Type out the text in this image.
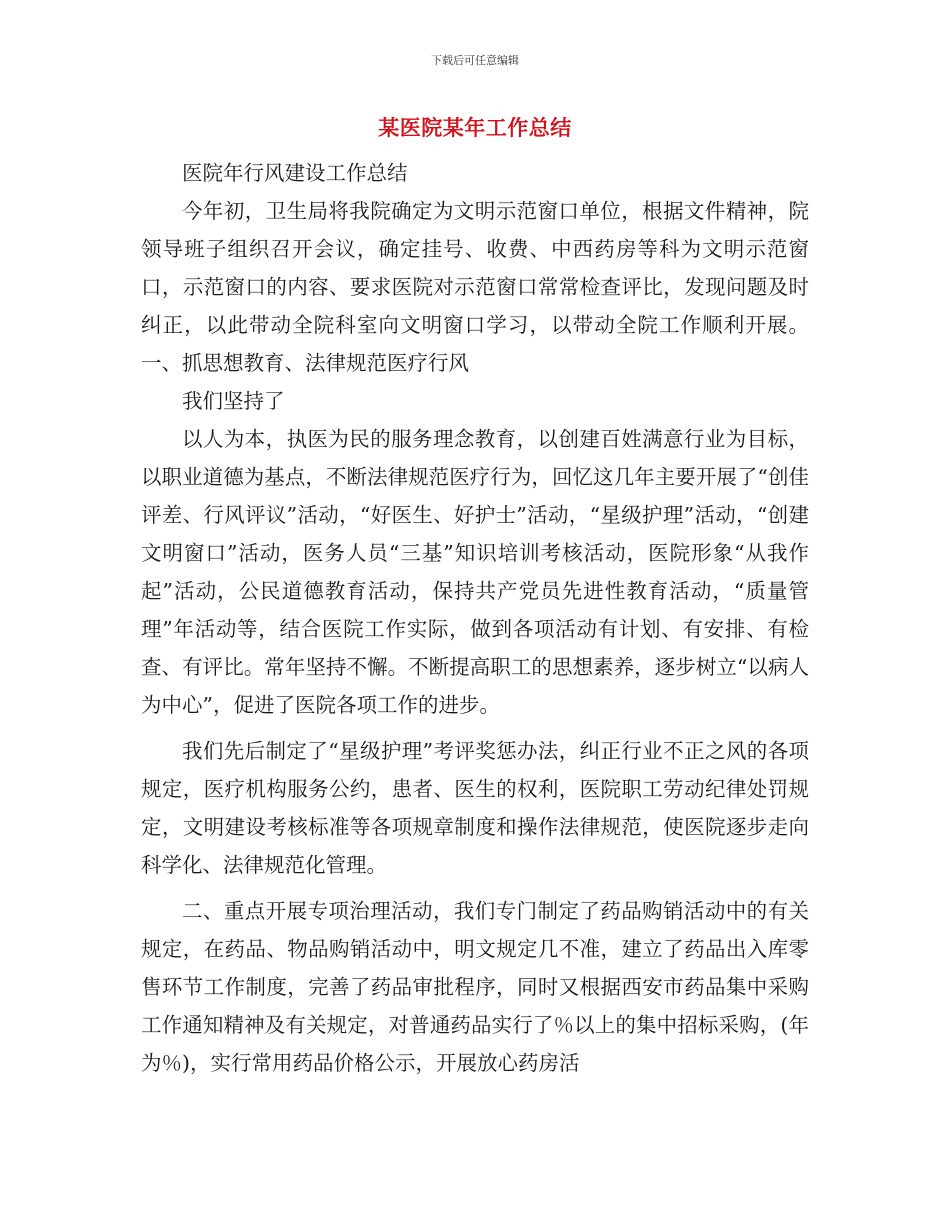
下载后可任意编辑
某医院某年工作总结

医院年行风建设工作总结

今年初，卫生局将我院确定为文明示范窗口单位，根据文件精神，院领导班子组织召开会议，确定挂号、收费、中西药房等科为文明示范窗口，示范窗口的内容、要求医院对示范窗口常常检查评比，发现问题及时纠正，以此带动全院科室向文明窗口学习，以带动全院工作顺利开展。一、抓思想教育、法律规范医疗行风

我们坚持了

以人为本，执医为民的服务理念教育，以创建百姓满意行业为目标，以职业道德为基点，不断法律规范医疗行为，回忆这几年主要开展了“创佳评差、行风评议”活动，“好医生、好护士”活动，“星级护理”活动，“创建文明窗口”活动，医务人员“三基”知识培训考核活动，医院形象“从我作起”活动，公民道德教育活动，保持共产党员先进性教育活动，“质量管理”年活动等，结合医院工作实际，做到各项活动有计划、有安排、有检查、有评比。常年坚持不懈。不断提高职工的思想素养，逐步树立“以病人为中心”，促进了医院各项工作的进步。

我们先后制定了“星级护理”考评奖惩办法，纠正行业不正之风的各项规定，医疗机构服务公约，患者、医生的权利，医院职工劳动纪律处罚规定，文明建设考核标准等各项规章制度和操作法律规范，使医院逐步走向科学化、法律规范化管理。

二、重点开展专项治理活动，我们专门制定了药品购销活动中的有关规定，在药品、物品购销活动中，明文规定几不准，建立了药品出入库零售环节工作制度，完善了药品审批程序，同时又根据西安市药品集中采购工作通知精神及有关规定，对普通药品实行了％以上的集中招标采购，(年为％)，实行常用药品价格公示，开展放心药房活
